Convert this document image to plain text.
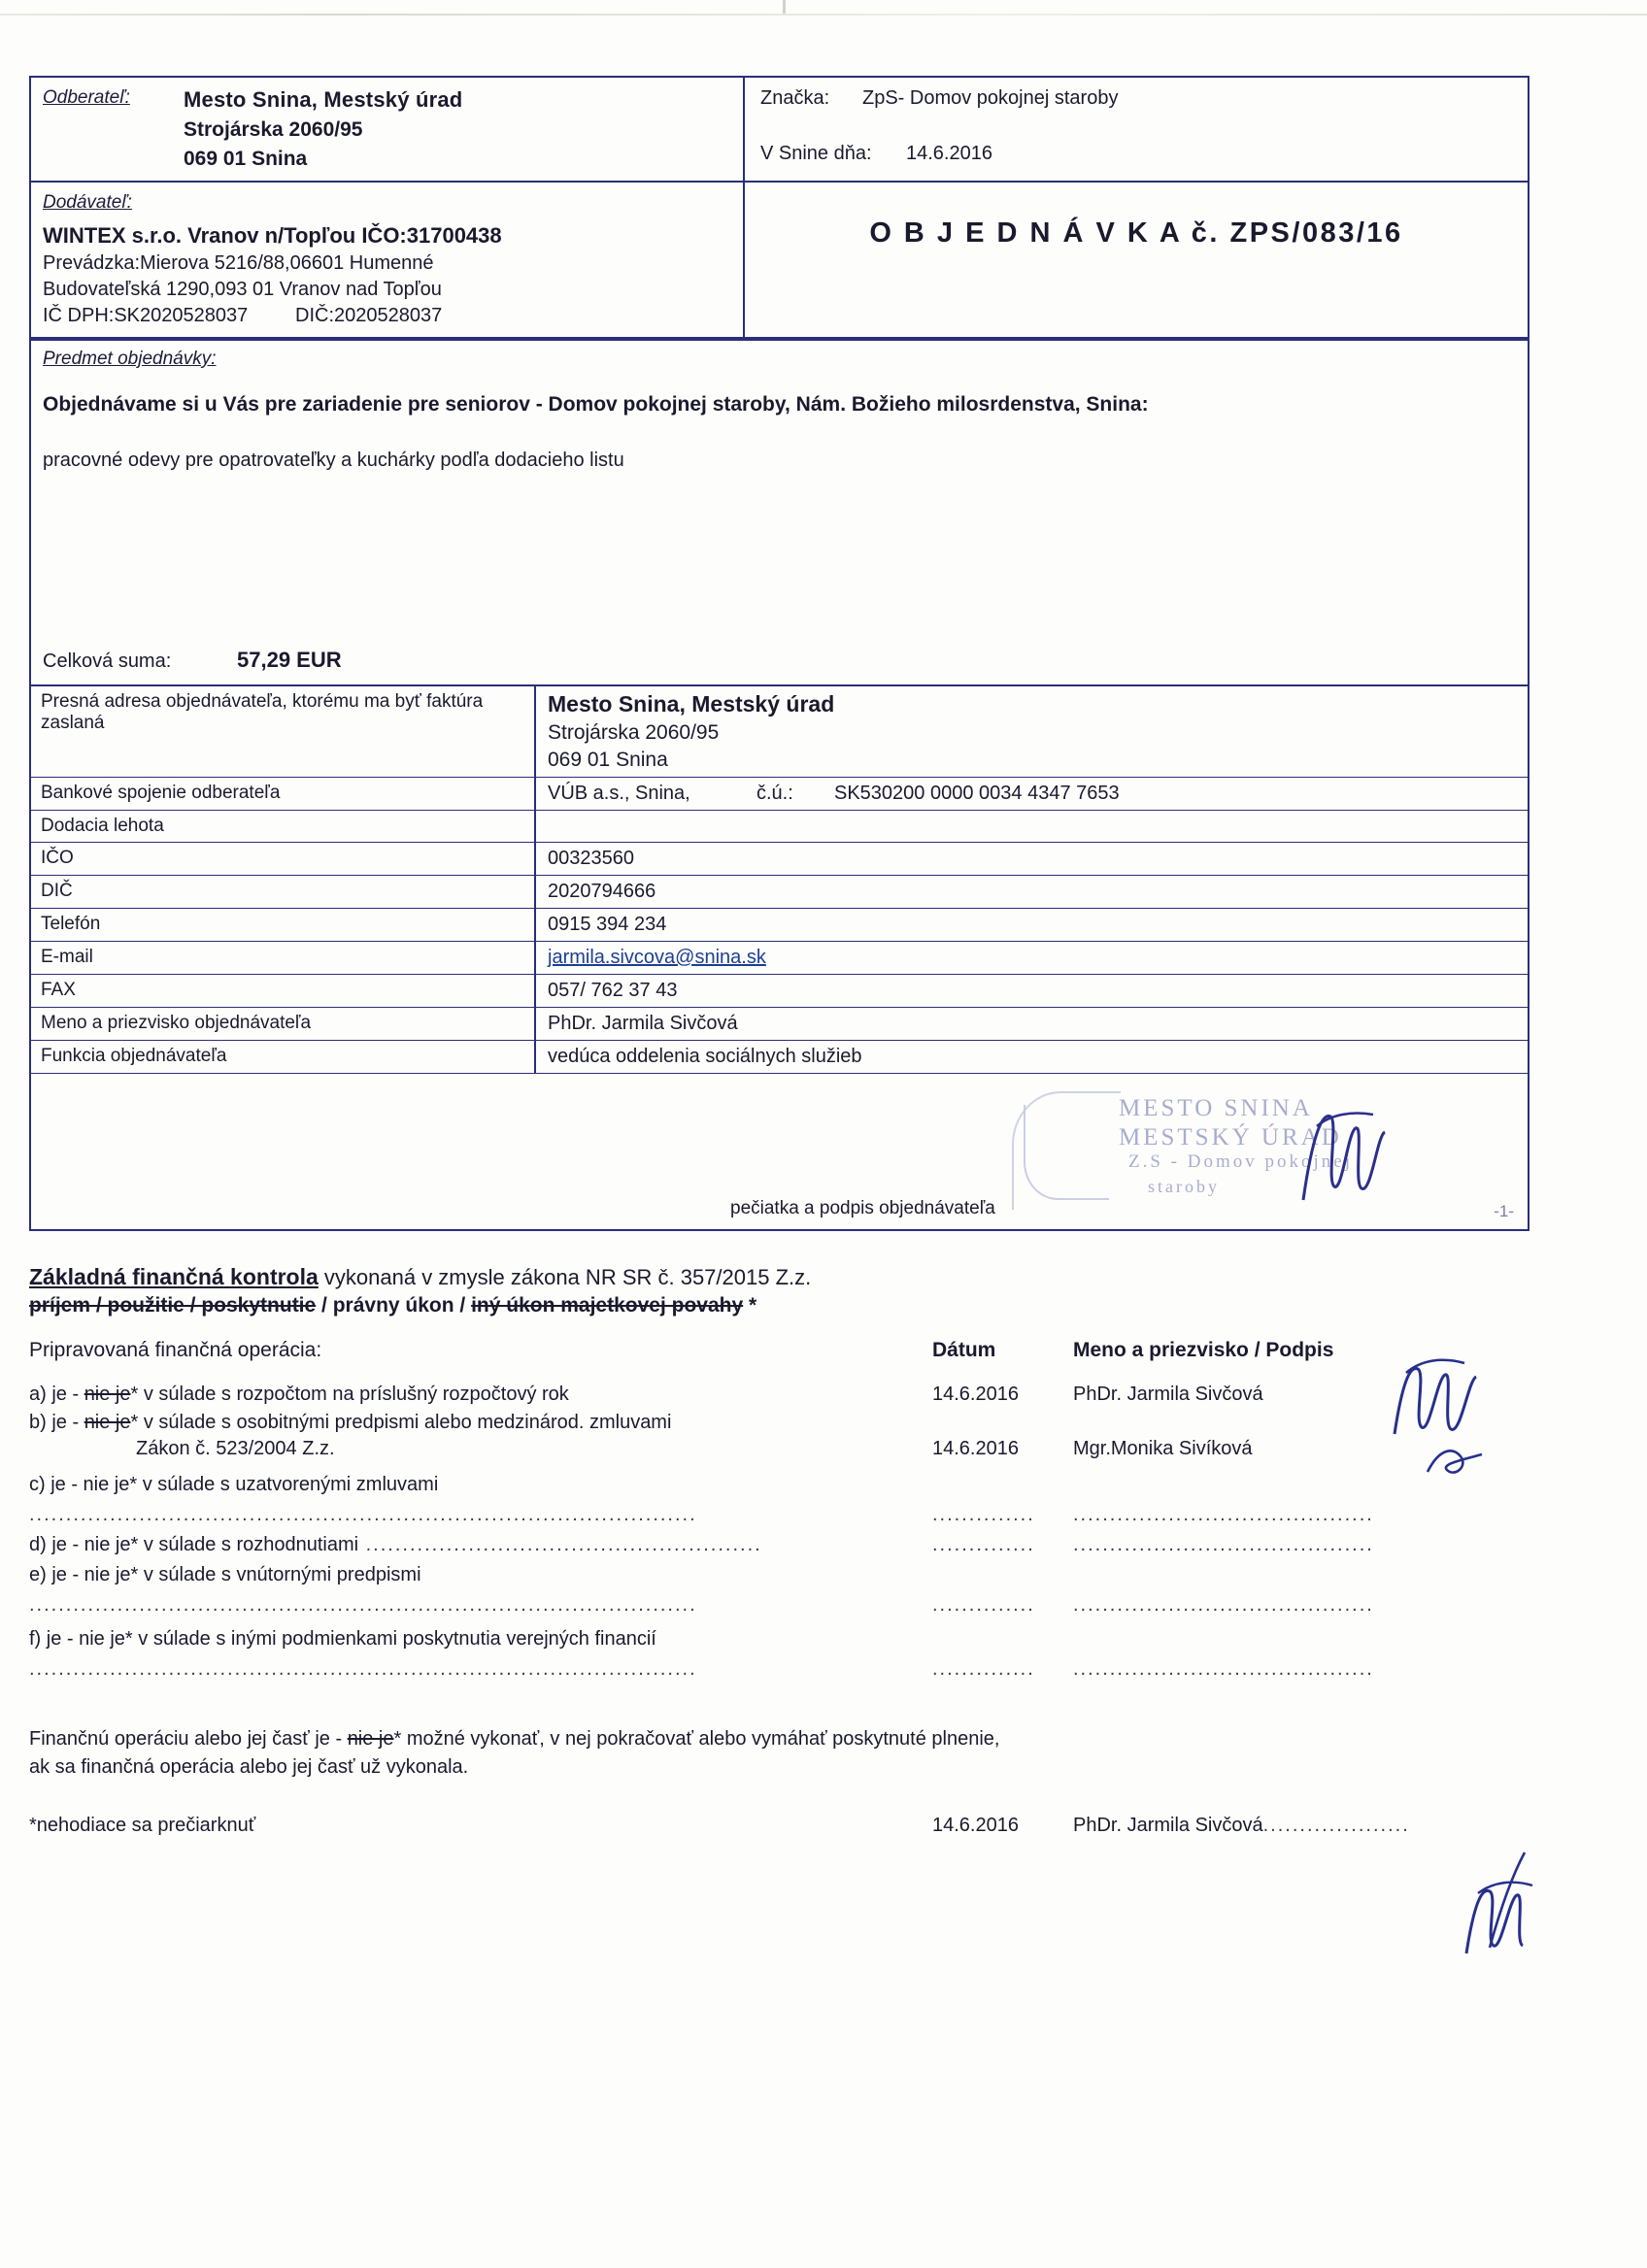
Odberateľ:	Mesto Snina, Mestský úrad
Strojárska 2060/95
069 01 Snina
Značka:	ZpS- Domov pokojnej staroby
V Snine dňa:	14.6.2016
Dodávateľ:
WINTEX s.r.o. Vranov n/Topľou IČO:31700438
Prevádzka:Mierova 5216/88,06601 Humenné
Budovateľská 1290,093 01 Vranov nad Topľou
IČ DPH:SK2020528037	DIČ:2020528037
O B J E D N Á V K A č. ZPS/083/16
Predmet objednávky:
Objednávame si u Vás pre zariadenie pre seniorov - Domov pokojnej staroby, Nám. Božieho milosrdenstva, Snina:
pracovné odevy pre opatrovateľky a kuchárky podľa dodacieho listu
Celková suma:	57,29 EUR
Presná adresa objednávateľa, ktorému ma byť faktúra zaslaná
Mesto Snina, Mestský úrad
Strojárska 2060/95
069 01 Snina
Bankové spojenie odberateľa	VÚB a.s., Snina,	č.ú.:	SK530200 0000 0034 4347 7653
Dodacia lehota
IČO	00323560
DIČ	2020794666
Telefón	0915 394 234
E-mail	jarmila.sivcova@snina.sk
FAX	057/ 762 37 43
Meno a priezvisko objednávateľa	PhDr. Jarmila Sivčová
Funkcia objednávateľa	vedúca oddelenia sociálnych služieb
pečiatka a podpis objednávateľa
MESTO SNINA
MESTSKÝ ÚRAD
Z.S - Domov pokojnej
staroby
-1-
Základná finančná kontrola vykonaná v zmysle zákona NR SR č. 357/2015 Z.z.
príjem / použitie / poskytnutie / právny úkon / iný úkon majetkovej povahy *
Pripravovaná finančná operácia:	Dátum	Meno a priezvisko / Podpis
a) je - nie je* v súlade s rozpočtom na príslušný rozpočtový rok	14.6.2016	PhDr. Jarmila Sivčová
b) je - nie je* v súlade s osobitnými predpismi alebo medzinárod. zmluvami
Zákon č. 523/2004 Z.z.	14.6.2016	Mgr.Monika Sivíková
c) je - nie je* v súlade s uzatvorenými zmluvami
...........................................................................................	..............	.........................................
d) je - nie je* v súlade s rozhodnutiami ......................................................	..............	.........................................
e) je - nie je* v súlade s vnútornými predpismi
...........................................................................................	..............	.........................................
f) je - nie je* v súlade s inými podmienkami poskytnutia verejných financií
...........................................................................................	..............	.........................................
Finančnú operáciu alebo jej časť je - nie je* možné vykonať, v nej pokračovať alebo vymáhať poskytnuté plnenie,
ak sa finančná operácia alebo jej časť už vykonala.
*nehodiace sa prečiarknuť	14.6.2016	PhDr. Jarmila Sivčová....................
